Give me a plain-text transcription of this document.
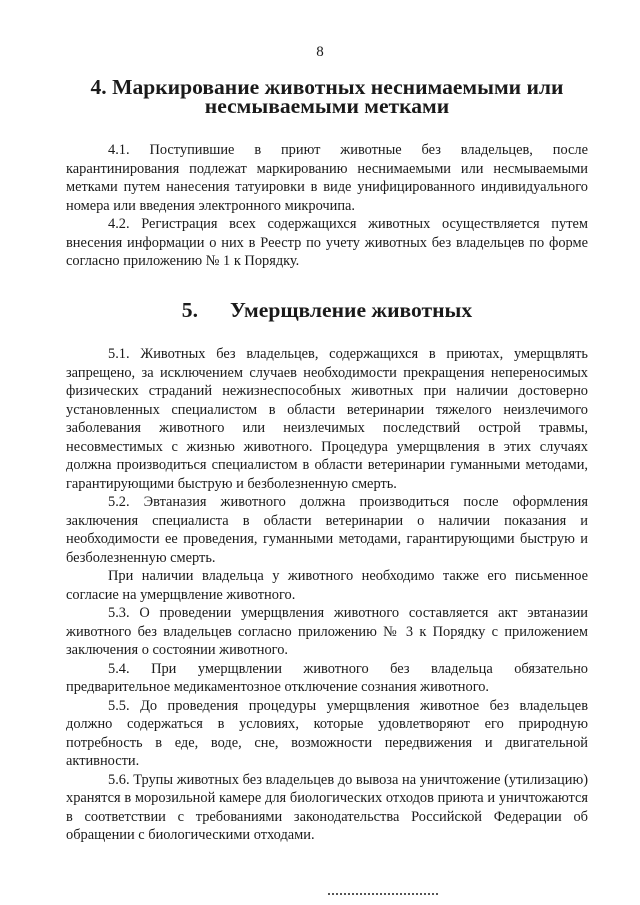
8
4. Маркирование животных неснимаемыми или несмываемыми метками

4.1. Поступившие в приют животные без владельцев, после карантинирования подлежат маркированию неснимаемыми или несмываемыми метками путем нанесения татуировки в виде унифицированного индивидуального номера или введения электронного микрочипа.

4.2. Регистрация всех содержащихся животных осуществляется путем внесения информации о них в Реестр по учету животных без владельцев по форме согласно приложению № 1 к Порядку.

5. Умерщвление животных

5.1. Животных без владельцев, содержащихся в приютах, умерщвлять запрещено, за исключением случаев необходимости прекращения непереносимых физических страданий нежизнеспособных животных при наличии достоверно установленных специалистом в области ветеринарии тяжелого неизлечимого заболевания животного или неизлечимых последствий острой травмы, несовместимых с жизнью животного. Процедура умерщвления в этих случаях должна производиться специалистом в области ветеринарии гуманными методами, гарантирующими быструю и безболезненную смерть.

5.2. Эвтаназия животного должна производиться после оформления заключения специалиста в области ветеринарии о наличии показания и необходимости ее проведения, гуманными методами, гарантирующими быструю и безболезненную смерть.

При наличии владельца у животного необходимо также его письменное согласие на умерщвление животного.

5.3. О проведении умерщвления животного составляется акт эвтаназии животного без владельцев согласно приложению № 3 к Порядку с приложением заключения о состоянии животного.

5.4. При умерщвлении животного без владельца обязательно предварительное медикаментозное отключение сознания животного.

5.5. До проведения процедуры умерщвления животное без владельцев должно содержаться в условиях, которые удовлетворяют его природную потребность в еде, воде, сне, возможности передвижения и двигательной активности.

5.6. Трупы животных без владельцев до вывоза на уничтожение (утилизацию) хранятся в морозильной камере для биологических отходов приюта и уничтожаются в соответствии с требованиями законодательства Российской Федерации об обращении с биологическими отходами.
